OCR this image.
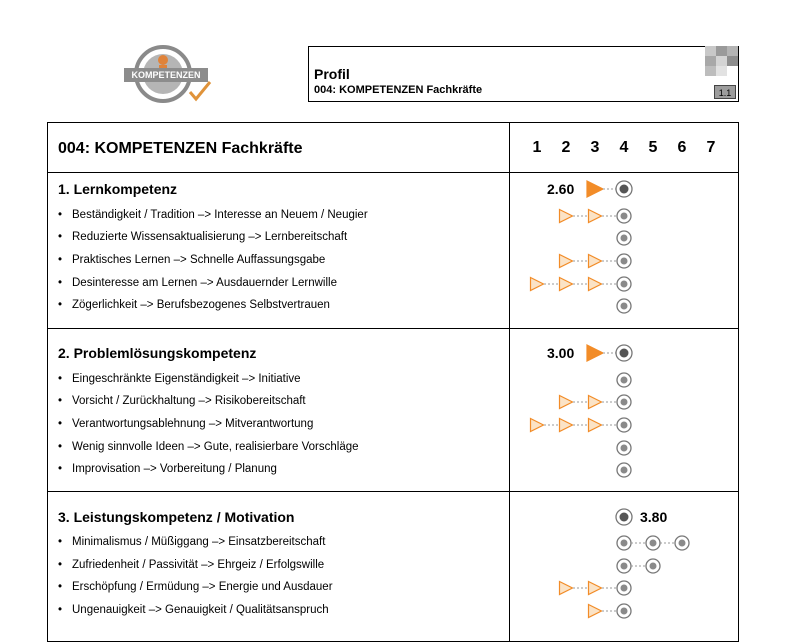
KOMPETENZEN	Profil
004: KOMPETENZEN Fachkräfte	1.1
004: KOMPETENZEN Fachkräfte	1	2	3	4	5	6	7
1. Lernkompetenz	2.60
• Beständigkeit / Tradition –> Interesse an Neuem / Neugier
• Reduzierte Wissensaktualisierung –> Lernbereitschaft
• Praktisches Lernen –> Schnelle Auffassungsgabe
• Desinteresse am Lernen –> Ausdauernder Lernwille
• Zögerlichkeit –> Berufsbezogenes Selbstvertrauen
2. Problemlösungskompetenz	3.00
• Eingeschränkte Eigenständigkeit –> Initiative
• Vorsicht / Zurückhaltung –> Risikobereitschaft
• Verantwortungsablehnung –> Mitverantwortung
• Wenig sinnvolle Ideen –> Gute, realisierbare Vorschläge
• Improvisation –> Vorbereitung / Planung
3. Leistungskompetenz / Motivation	3.80
• Minimalismus / Müßiggang –> Einsatzbereitschaft
• Zufriedenheit / Passivität –> Ehrgeiz / Erfolgswille
• Erschöpfung / Ermüdung –> Energie und Ausdauer
• Ungenauigkeit –> Genauigkeit / Qualitätsanspruch
